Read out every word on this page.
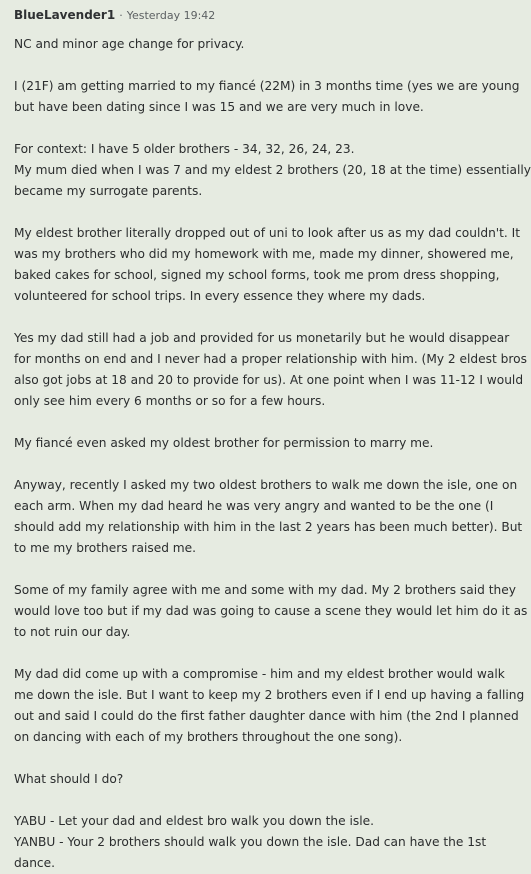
BlueLavender1 · Yesterday 19:42

NC and minor age change for privacy.

I (21F) am getting married to my fiancé (22M) in 3 months time (yes we are young
but have been dating since I was 15 and we are very much in love.

For context: I have 5 older brothers - 34, 32, 26, 24, 23.
My mum died when I was 7 and my eldest 2 brothers (20, 18 at the time) essentially
became my surrogate parents.

My eldest brother literally dropped out of uni to look after us as my dad couldn't. It
was my brothers who did my homework with me, made my dinner, showered me,
baked cakes for school, signed my school forms, took me prom dress shopping,
volunteered for school trips. In every essence they where my dads.

Yes my dad still had a job and provided for us monetarily but he would disappear
for months on end and I never had a proper relationship with him. (My 2 eldest bros
also got jobs at 18 and 20 to provide for us). At one point when I was 11-12 I would
only see him every 6 months or so for a few hours.

My fiancé even asked my oldest brother for permission to marry me.

Anyway, recently I asked my two oldest brothers to walk me down the isle, one on
each arm. When my dad heard he was very angry and wanted to be the one (I
should add my relationship with him in the last 2 years has been much better). But
to me my brothers raised me.

Some of my family agree with me and some with my dad. My 2 brothers said they
would love too but if my dad was going to cause a scene they would let him do it as
to not ruin our day.

My dad did come up with a compromise - him and my eldest brother would walk
me down the isle. But I want to keep my 2 brothers even if I end up having a falling
out and said I could do the first father daughter dance with him (the 2nd I planned
on dancing with each of my brothers throughout the one song).

What should I do?

YABU - Let your dad and eldest bro walk you down the isle.
YANBU - Your 2 brothers should walk you down the isle. Dad can have the 1st
dance.
